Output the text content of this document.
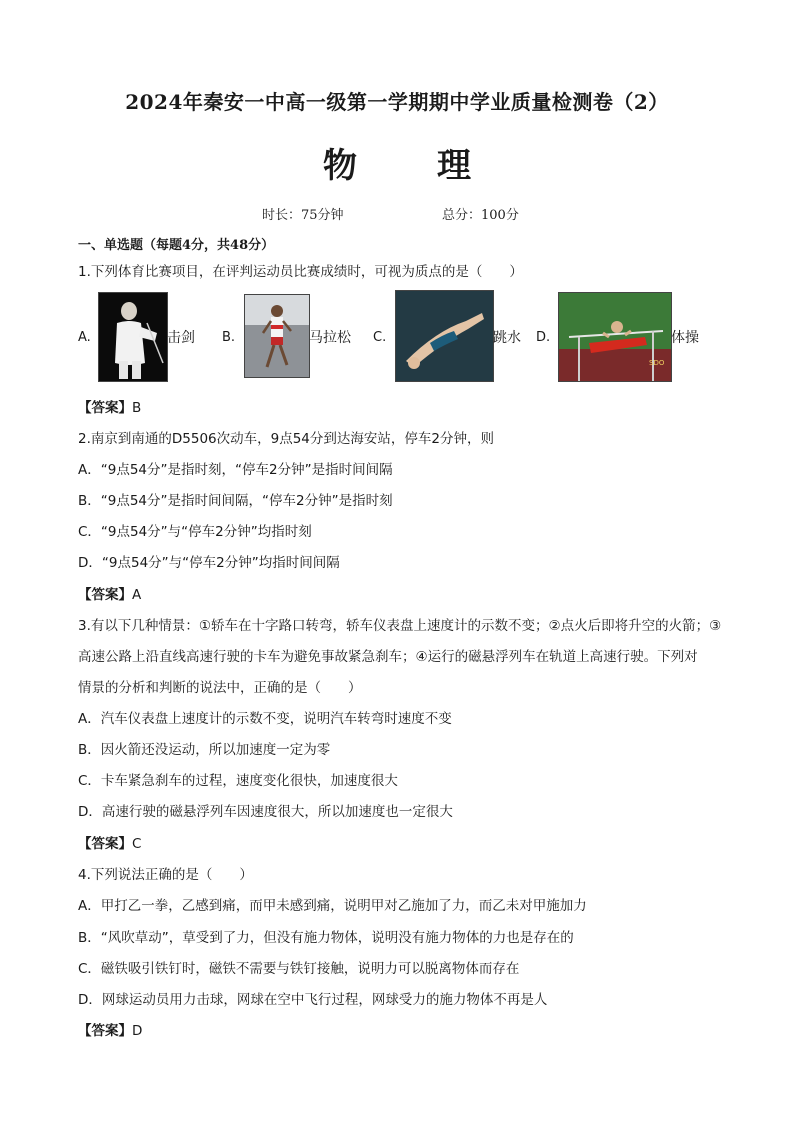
2024年秦安一中高一级第一学期期中学业质量检测卷（2）
物 理
时长：75分钟	总分：100分
一、单选题（每题4分，共48分）
1.下列体育比赛项目，在评判运动员比赛成绩时，可视为质点的是（　　）
A.	击剑 B.	马拉松 C.	跳水 D.
SDO
体操
【答案】B
2.南京到南通的D5506次动车，9点54分到达海安站，停车2分钟，则
A．“9点54分”是指时刻，“停车2分钟”是指时间间隔
B．“9点54分”是指时间间隔，“停车2分钟”是指时刻
C．“9点54分”与“停车2分钟”均指时刻
D．“9点54分”与“停车2分钟”均指时间间隔
【答案】A
3.有以下几种情景：①轿车在十字路口转弯，轿车仪表盘上速度计的示数不变；②点火后即将升空的火箭；③
高速公路上沿直线高速行驶的卡车为避免事故紧急刹车；④运行的磁悬浮列车在轨道上高速行驶。下列对
情景的分析和判断的说法中，正确的是（　　）
A．汽车仪表盘上速度计的示数不变，说明汽车转弯时速度不变
B．因火箭还没运动，所以加速度一定为零
C．卡车紧急刹车的过程，速度变化很快，加速度很大
D．高速行驶的磁悬浮列车因速度很大，所以加速度也一定很大
【答案】C
4.下列说法正确的是（　　）
A．甲打乙一拳，乙感到痛，而甲未感到痛，说明甲对乙施加了力，而乙未对甲施加力
B．“风吹草动”，草受到了力，但没有施力物体，说明没有施力物体的力也是存在的
C．磁铁吸引铁钉时，磁铁不需要与铁钉接触，说明力可以脱离物体而存在
D．网球运动员用力击球，网球在空中飞行过程，网球受力的施力物体不再是人
【答案】D
